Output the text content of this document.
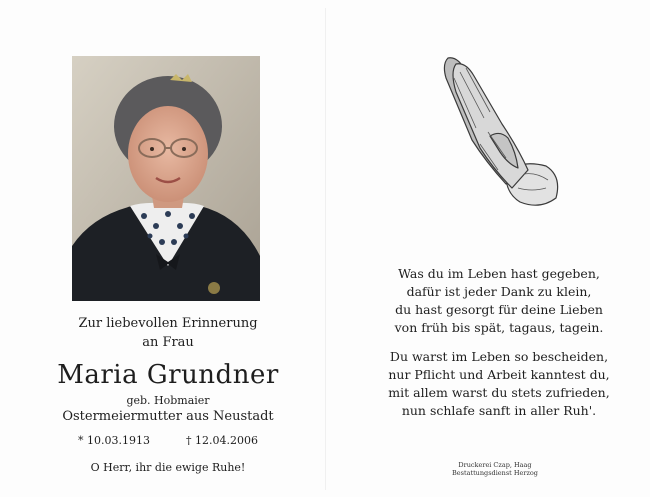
Zur liebevollen Erinnerung
an Frau
Maria Grundner
geb. Hobmaier
Ostermeiermutter aus Neustadt
* 10.03.1913	† 12.04.2006
O Herr, ihr die ewige Ruhe!
Was du im Leben hast gegeben,
dafür ist jeder Dank zu klein,
du hast gesorgt für deine Lieben
von früh bis spät, tagaus, tagein.
Du warst im Leben so bescheiden,
nur Pflicht und Arbeit kanntest du,
mit allem warst du stets zufrieden,
nun schlafe sanft in aller Ruh'.
Druckerei Czap, Haag
Bestattungsdienst Herzog
